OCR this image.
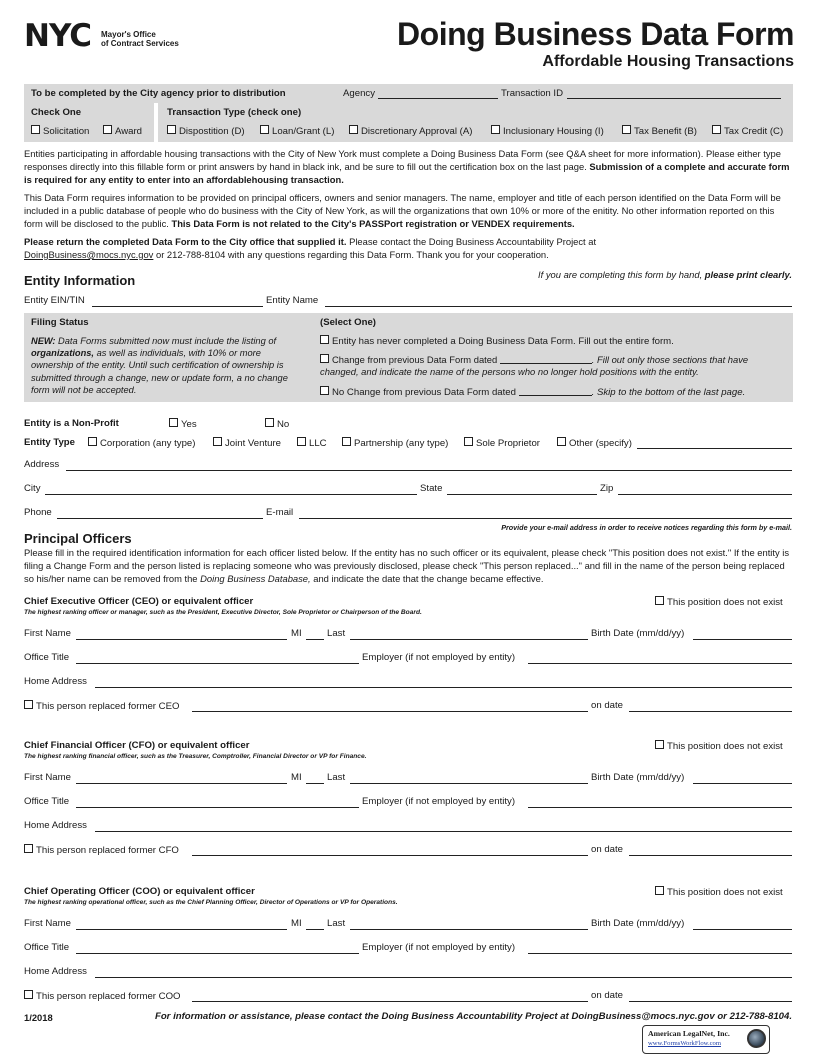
NYC Mayor's Office
of Contract Services	Doing Business Data Form
Affordable Housing Transactions
To be completed by the City agency prior to distribution	Agency	Transaction ID
Check One	Transaction Type (check one)
Solicitation	Award	Dispostition (D)	Loan/Grant (L)	Discretionary Approval (A)	Inclusionary Housing (I)	Tax Benefit (B)	Tax Credit (C)
Entities participating in affordable housing transactions with the City of New York must complete a Doing Business Data Form (see Q&A sheet for more information). Please either type responses directly into this fillable form or print answers by hand in black ink, and be sure to fill out the certification box on the last page. Submission of a complete and accurate form is required for any entity to enter into an affordablehousing transaction.
This Data Form requires information to be provided on principal officers, owners and senior managers. The name, employer and title of each person identified on the Data Form will be included in a public database of people who do business with the City of New York, as will the organizations that own 10% or more of the enitity. No other information reported on this form will be disclosed to the public. This Data Form is not related to the City's PASSPort registration or VENDEX requirements.
Please return the completed Data Form to the City office that supplied it. Please contact the Doing Business Accountability Project at
DoingBusiness@mocs.nyc.gov or 212-788-8104 with any questions regarding this Data Form. Thank you for your cooperation.
Entity Information	If you are completing this form by hand, please print clearly.
Entity EIN/TIN	Entity Name
Filing Status
NEW: Data Forms submitted now must include the listing of organizations, as well as individuals, with 10% or more ownership of the entity. Until such certification of ownership is submitted through a change, new or update form, a no change form will not be accepted.
(Select One)
Entity has never completed a Doing Business Data Form. Fill out the entire form.
Change from previous Data Form dated	. Fill out only those sections that have changed, and indicate the name of the persons who no longer hold positions with the entity.
No Change from previous Data Form dated	. Skip to the bottom of the last page.
Entity is a Non-Profit	Yes	No
Entity Type	Corporation (any type)	Joint Venture	LLC	Partnership (any type)	Sole Proprietor	Other (specify)
Address
City	State	Zip
Phone	E-mail
Provide your e-mail address in order to receive notices regarding this form by e-mail.
Principal Officers
Please fill in the required identification information for each officer listed below. If the entity has no such officer or its equivalent, please check "This position does not exist." If the entity is filing a Change Form and the person listed is replacing someone who was previously disclosed, please check "This person replaced..." and fill in the name of the person being replaced so his/her name can be removed from the Doing Business Database, and indicate the date that the change became effective.
Chief Executive Officer (CEO) or equivalent officer	This position does not exist
The highest ranking officer or manager, such as the President, Executive Director, Sole Proprietor or Chairperson of the Board.
First Name	MI	Last	Birth Date (mm/dd/yy)
Office Title	Employer (if not employed by entity)
Home Address
This person replaced former CEO	on date
Chief Financial Officer (CFO) or equivalent officer	This position does not exist
The highest ranking financial officer, such as the Treasurer, Comptroller, Financial Director or VP for Finance.
First Name	MI	Last	Birth Date (mm/dd/yy)
Office Title	Employer (if not employed by entity)
Home Address
This person replaced former CFO	on date
Chief Operating Officer (COO) or equivalent officer	This position does not exist
The highest ranking operational officer, such as the Chief Planning Officer, Director of Operations or VP for Operations.
First Name	MI	Last	Birth Date (mm/dd/yy)
Office Title	Employer (if not employed by entity)
Home Address
This person replaced former COO	on date
1/2018	For information or assistance, please contact the Doing Business Accountability Project at DoingBusiness@mocs.nyc.gov or 212-788-8104.
American LegalNet, Inc.
www.FormsWorkFlow.com
